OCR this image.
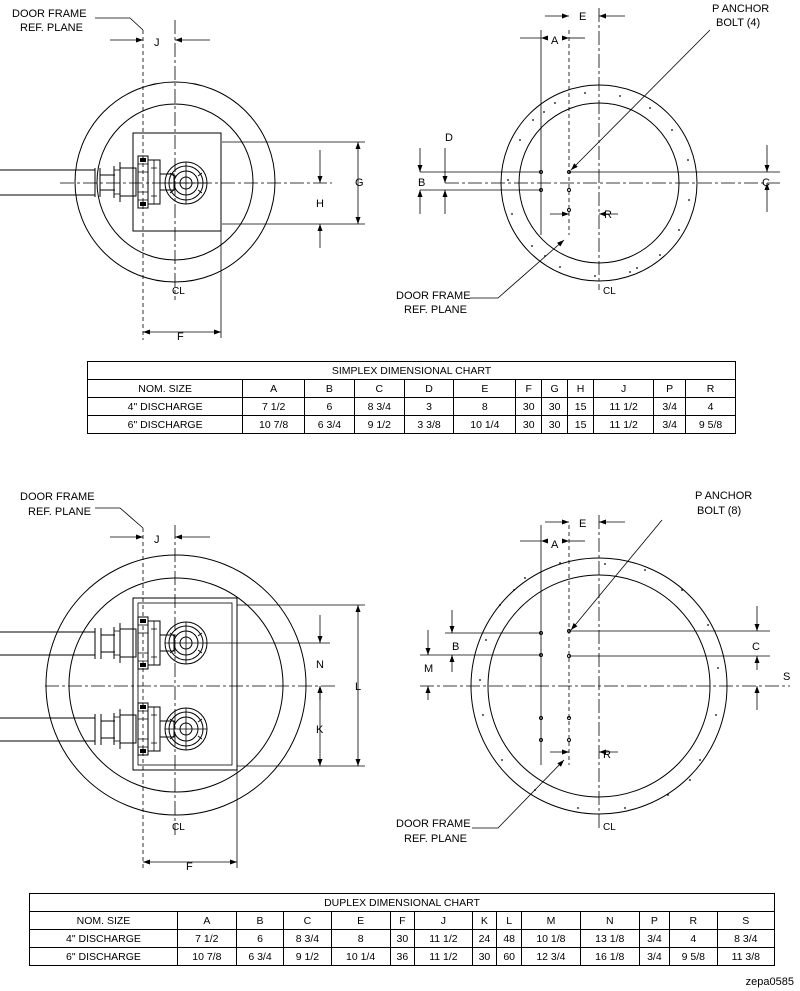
DOOR FRAME
REF. PLANE
J
G
H
F
CL
E
A
P ANCHOR
BOLT (4)
D
B	C
R
CL
DOOR FRAME
REF. PLANE
DOOR FRAME
REF. PLANE
J
N
L
K
F
CL
E
A
P ANCHOR
BOLT (8)
B
M
C
S
R
CL
DOOR FRAME
REF. PLANE
SIMPLEX DIMENSIONAL CHART											
NOM. SIZE	A	B	C	D	E	F	G	H	J	P	R
4" DISCHARGE	7 1/2	6	8 3/4	3	8	30	30	15	11 1/2	3/4	4
6" DISCHARGE	10 7/8	6 3/4	9 1/2	3 3/8	10 1/4	30	30	15	11 1/2	3/4	9 5/8
DUPLEX DIMENSIONAL CHART													
NOM. SIZE	A	B	C	E	F	J	K	L	M	N	P	R	S
4" DISCHARGE	7 1/2	6	8 3/4	8	30	11 1/2	24	48	10 1/8	13 1/8	3/4	4	8 3/4
6" DISCHARGE	10 7/8	6 3/4	9 1/2	10 1/4	36	11 1/2	30	60	12 3/4	16 1/8	3/4	9 5/8	11 3/8
zepa0585
